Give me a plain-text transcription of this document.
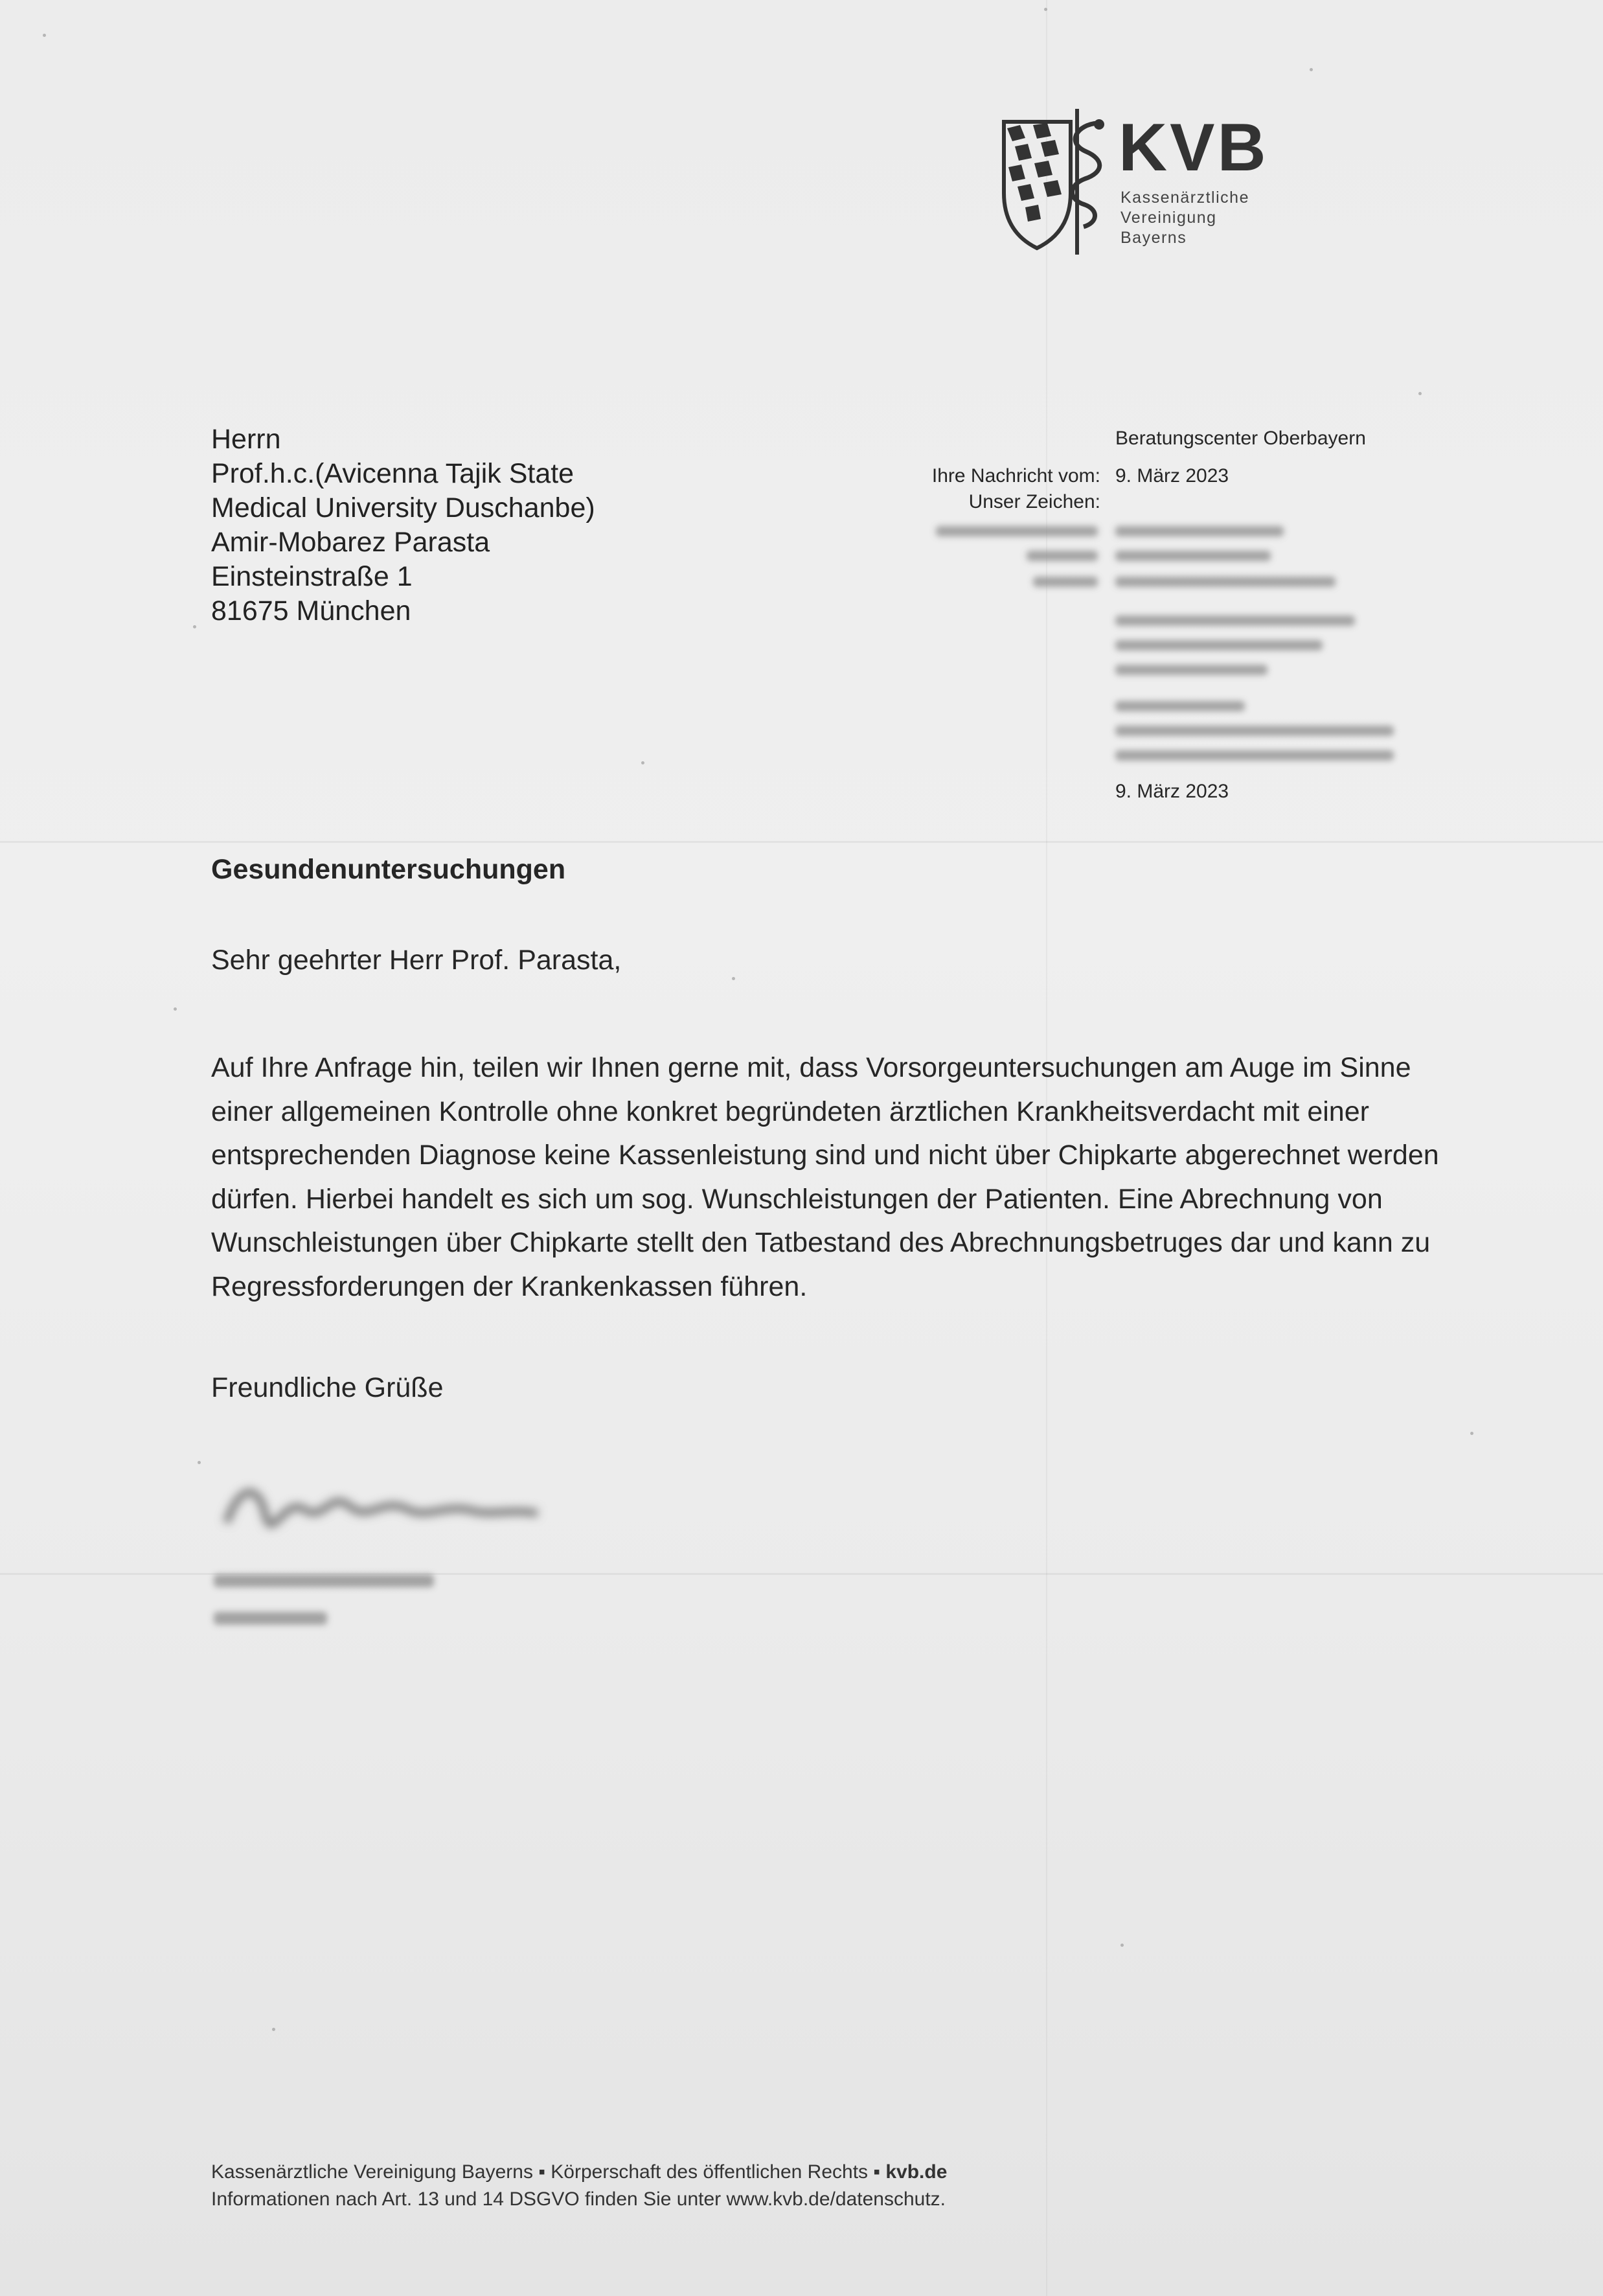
KVB
Kassenärztliche
Vereinigung
Bayerns
Herrn
Prof.h.c.(Avicenna Tajik State
Medical University Duschanbe)
Amir-Mobarez Parasta
Einsteinstraße 1
81675 München
Beratungscenter Oberbayern
Ihre Nachricht vom: 9. März 2023
Unser Zeichen:
9. März 2023
Gesundenuntersuchungen
Sehr geehrter Herr Prof. Parasta,
Auf Ihre Anfrage hin, teilen wir Ihnen gerne mit, dass Vorsorgeuntersuchungen am Auge im Sinne
einer allgemeinen Kontrolle ohne konkret begründeten ärztlichen Krankheitsverdacht mit einer
entsprechenden Diagnose keine Kassenleistung sind und nicht über Chipkarte abgerechnet werden
dürfen. Hierbei handelt es sich um sog. Wunschleistungen der Patienten. Eine Abrechnung von
Wunschleistungen über Chipkarte stellt den Tatbestand des Abrechnungsbetruges dar und kann zu
Regressforderungen der Krankenkassen führen.
Freundliche Grüße
Kassenärztliche Vereinigung Bayerns ▪ Körperschaft des öffentlichen Rechts ▪ kvb.de
Informationen nach Art. 13 und 14 DSGVO finden Sie unter www.kvb.de/datenschutz.
